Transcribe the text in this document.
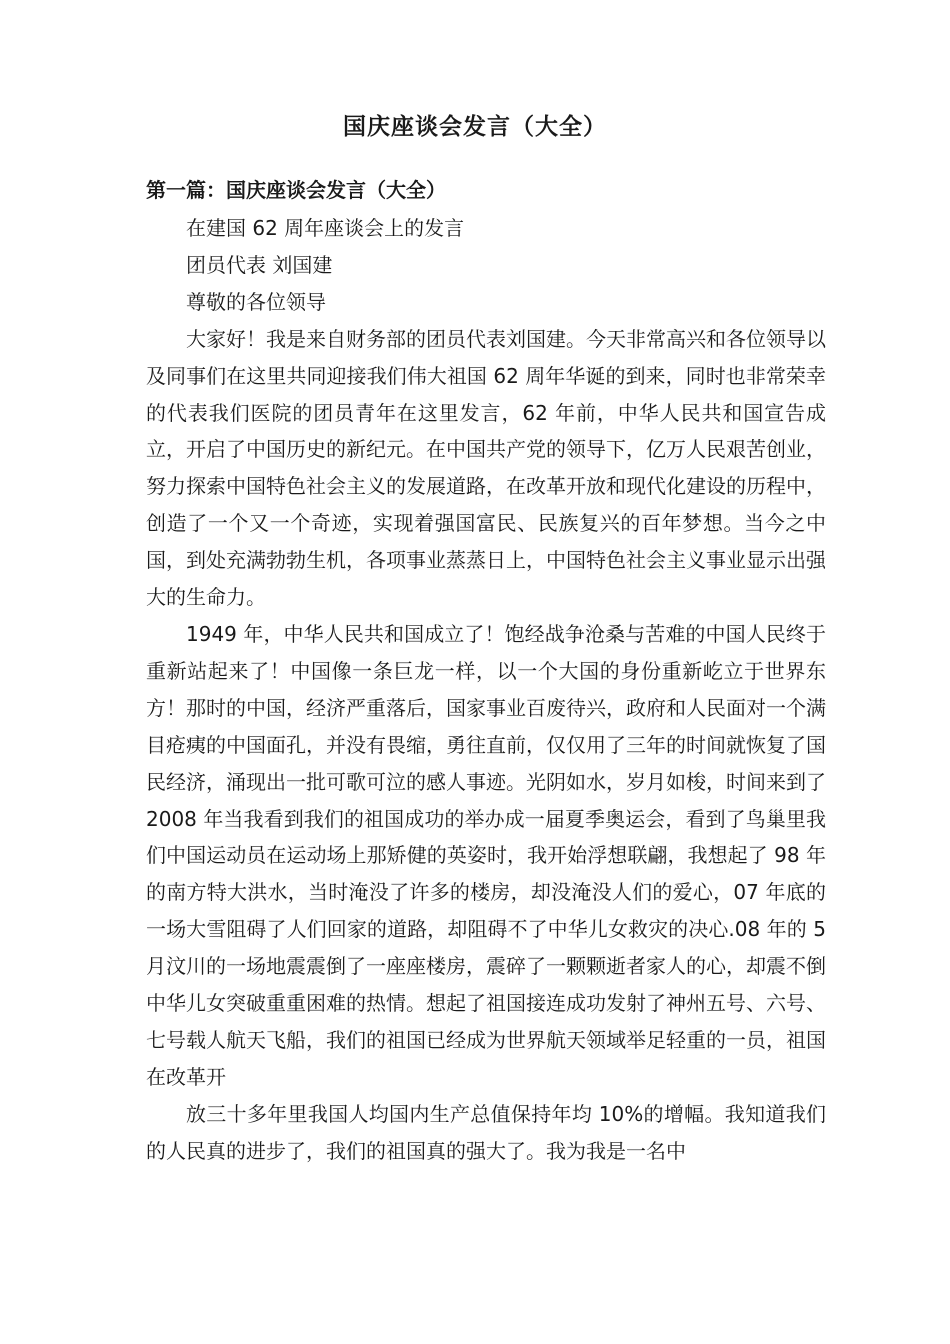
国庆座谈会发言（大全）
第一篇：国庆座谈会发言（大全）

在建国 62 周年座谈会上的发言

团员代表 刘国建

尊敬的各位领导

大家好！我是来自财务部的团员代表刘国建。今天非常高兴和各位领导以及同事们在这里共同迎接我们伟大祖国 62 周年华诞的到来，同时也非常荣幸的代表我们医院的团员青年在这里发言，62 年前，中华人民共和国宣告成立，开启了中国历史的新纪元。在中国共产党的领导下，亿万人民艰苦创业，努力探索中国特色社会主义的发展道路，在改革开放和现代化建设的历程中，创造了一个又一个奇迹，实现着强国富民、民族复兴的百年梦想。当今之中国，到处充满勃勃生机，各项事业蒸蒸日上，中国特色社会主义事业显示出强大的生命力。

1949 年，中华人民共和国成立了！饱经战争沧桑与苦难的中国人民终于重新站起来了！中国像一条巨龙一样，以一个大国的身份重新屹立于世界东方！那时的中国，经济严重落后，国家事业百废待兴，政府和人民面对一个满目疮痍的中国面孔，并没有畏缩，勇往直前，仅仅用了三年的时间就恢复了国民经济，涌现出一批可歌可泣的感人事迹。光阴如水，岁月如梭，时间来到了 2008 年当我看到我们的祖国成功的举办成一届夏季奥运会，看到了鸟巢里我们中国运动员在运动场上那矫健的英姿时，我开始浮想联翩，我想起了 98 年的南方特大洪水，当时淹没了许多的楼房，却没淹没人们的爱心，07 年底的一场大雪阻碍了人们回家的道路，却阻碍不了中华儿女救灾的决心.08 年的 5月汶川的一场地震震倒了一座座楼房，震碎了一颗颗逝者家人的心，却震不倒中华儿女突破重重困难的热情。想起了祖国接连成功发射了神州五号、六号、七号载人航天飞船，我们的祖国已经成为世界航天领域举足轻重的一员，祖国在改革开

放三十多年里我国人均国内生产总值保持年均 10%的增幅。我知道我们的人民真的进步了，我们的祖国真的强大了。我为我是一名中
